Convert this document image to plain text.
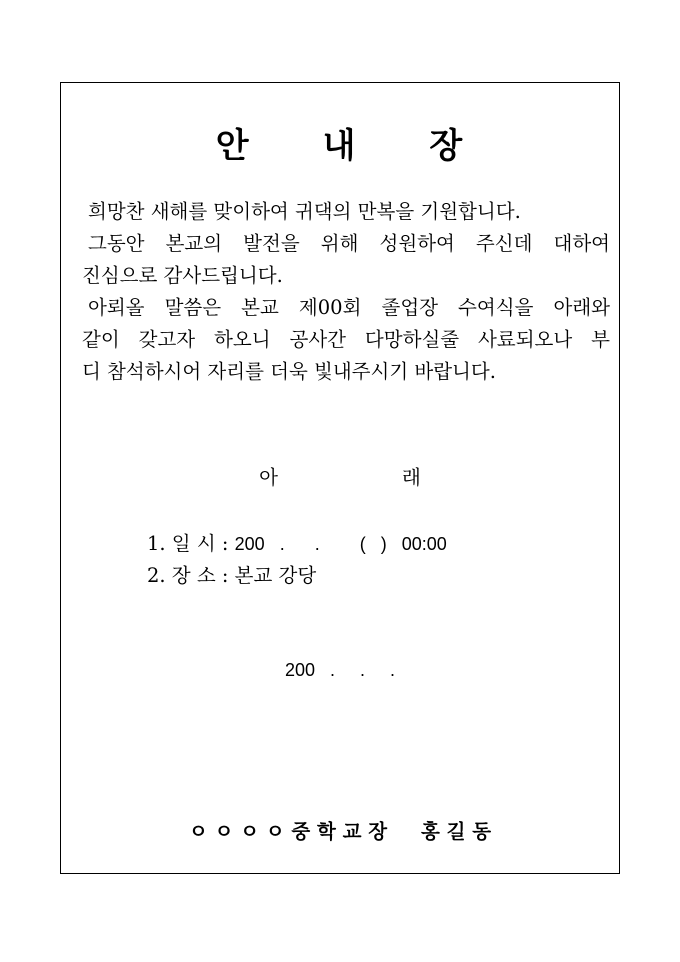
안 내 장

희망찬 새해를 맞이하여 귀댁의 만복을 기원합니다.

그동안 본교의 발전을 위해 성원하여 주신데 대하여

진심으로 감사드립니다.

아뢰올 말씀은 본교 제00회 졸업장 수여식을 아래와

같이 갖고자 하오니 공사간 다망하실줄 사료되오나 부

디 참석하시어 자리를 더욱 빛내주시기 바랍니다.

아	래
1. 일 시 : 200   .      .        (   )   00:00
2. 장 소 : 본교 강당
200   .     .     .
ㅇ ㅇ ㅇ ㅇ 중 학 교 장     홍 길 동
